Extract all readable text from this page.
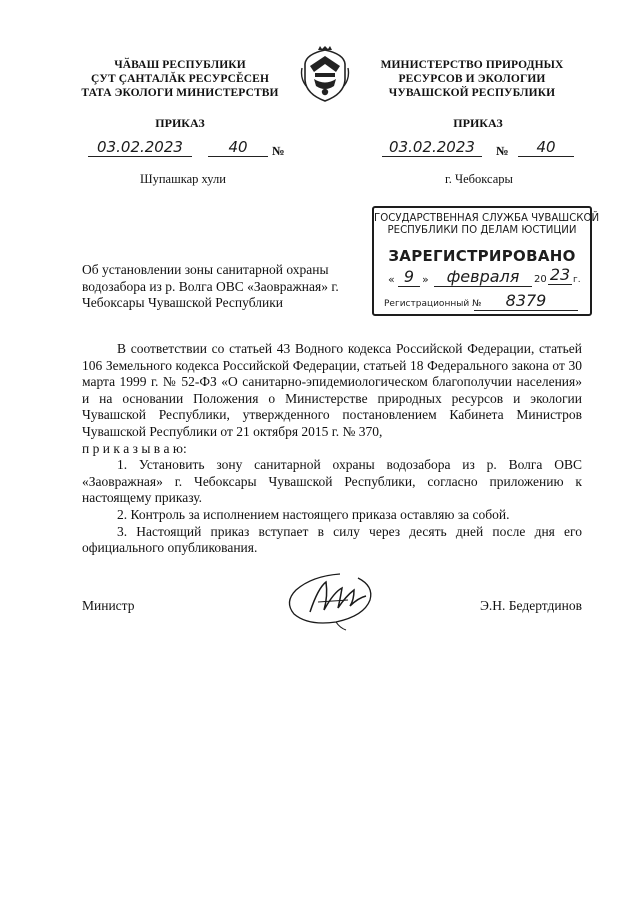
ЧӐВАШ РЕСПУБЛИКИ
ÇУТ ÇАНТАЛĂК РЕСУРСĔСЕН
ТАТА ЭКОЛОГИ МИНИСТЕРСТВИ
МИНИСТЕРСТВО ПРИРОДНЫХ
РЕСУРСОВ И ЭКОЛОГИИ
ЧУВАШСКОЙ РЕСПУБЛИКИ
ПРИКАЗ	ПРИКАЗ
03.02.2023	40	№	03.02.2023	№	40
Шупашкар хули	г. Чебоксары
ГОСУДАРСТВЕННАЯ СЛУЖБА ЧУВАШСКОЙ
РЕСПУБЛИКИ ПО ДЕЛАМ ЮСТИЦИИ
ЗАРЕГИСТРИРОВАНО
« 9 »	февраля	20 23 г.
Регистрационный №	8379
Об установлении зоны санитарной охраны водозабора из р. Волга ОВС «Заовражная» г. Чебоксары Чувашской Республики

В соответствии со статьей 43 Водного кодекса Российской Федерации, статьей 106 Земельного кодекса Российской Федерации, статьей 18 Федерального закона от 30 марта 1999 г. № 52-ФЗ «О санитарно-эпидемиологическом благополучии населения» и на основании Положения о Министерстве природных ресурсов и экологии Чувашской Республики, утвержденного постановлением Кабинета Министров Чувашской Республики от 21 октября 2015 г. № 370,

п р и к а з ы в а ю:

1. Установить зону санитарной охраны водозабора из р. Волга ОВС «Заовражная» г. Чебоксары Чувашской Республики, согласно приложению к настоящему приказу.

2. Контроль за исполнением настоящего приказа оставляю за собой.

3. Настоящий приказ вступает в силу через десять дней после дня его официального опубликования.

Министр	Э.Н. Бедертдинов
